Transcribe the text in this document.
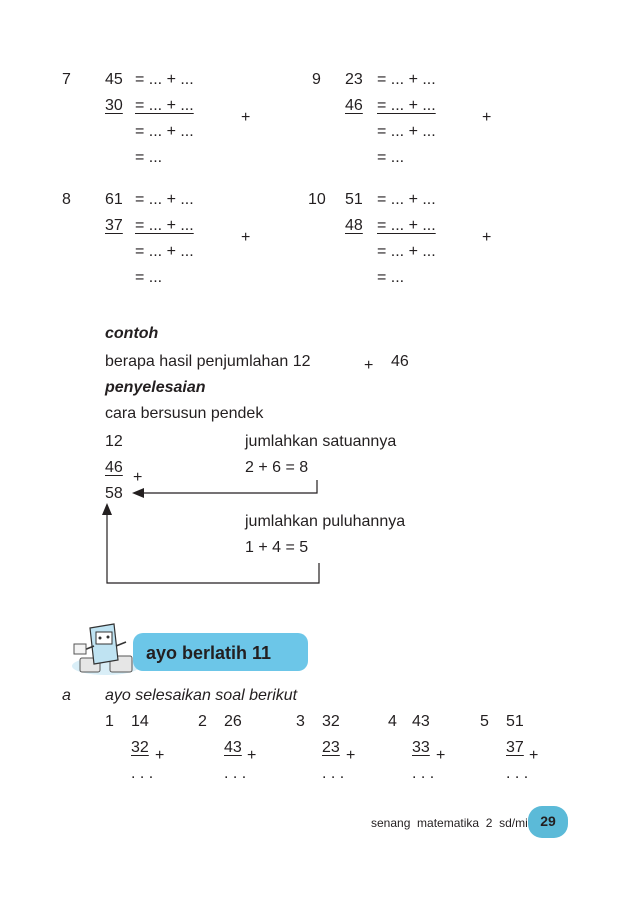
7 45 = ... + ...
30 = ... + ...
+
= ... + ...
= ...
9 23 = ... + ...
46 = ... + ...
+
= ... + ...
= ...
8 61 = ... + ...
37 = ... + ...
+
= ... + ...
= ...
10 51 = ... + ...
48 = ... + ...
+
= ... + ...
= ...
contoh
berapa hasil penjumlahan 12	+ 46
penyelesaian
cara bersusun pendek
12
46
+
58
jumlahkan satuannya
2 + 6 = 8
jumlahkan puluhannya
1 + 4 = 5
ayo berlatih 11
a ayo selesaikan soal berikut
1 14
32 +
. . .
2 26
43 +
. . .
3 32
23 +
. . .
4 43
33 +
. . .
5 51
37 +
. . .
senang  matematika  2  sd/mi 29
